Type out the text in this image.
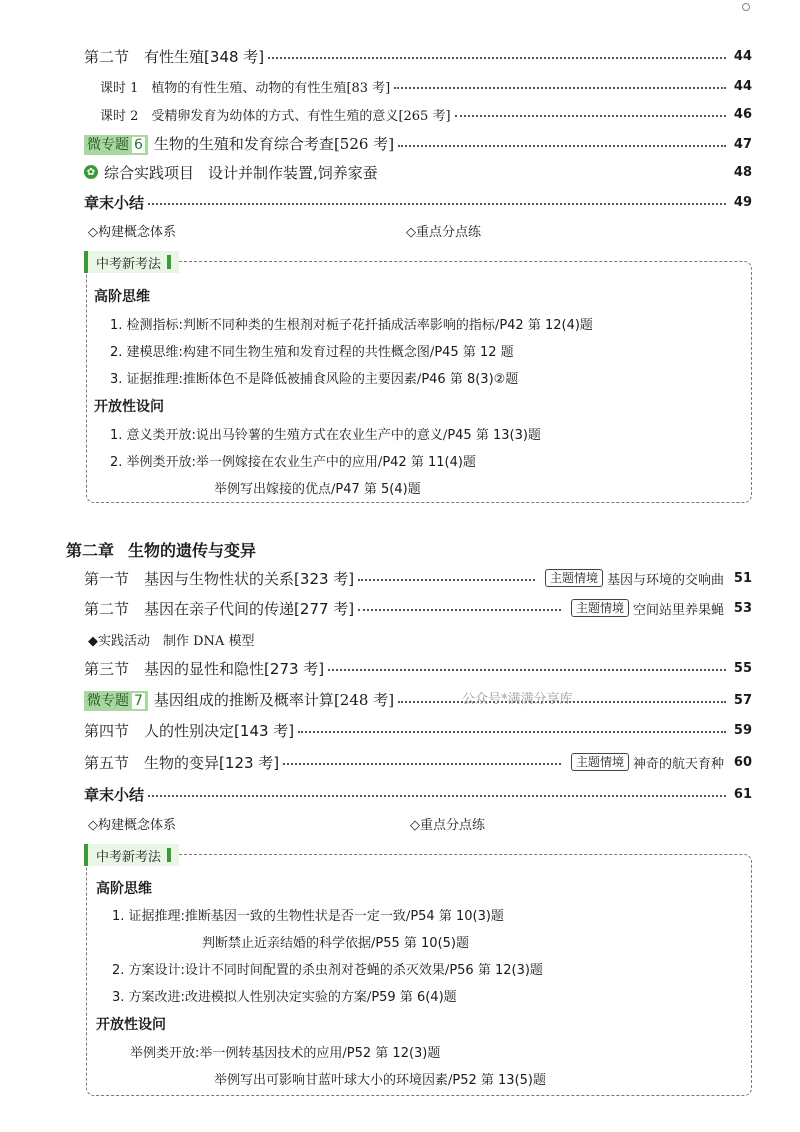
第二节　 有性生殖[348 考]	44
课时 1　 植物的有性生殖、动物的有性生殖[83 考]	44
课时 2　 受精卵发育为幼体的方式、有性生殖的意义[265 考]	46
微专题 6 生物的生殖和发育综合考查[526 考]	47
✿ 综合实践项目 设计并制作装置,饲养家蚕	48
章末小结	49
◇构建概念体系	◇重点分点练
中考新考法
高阶思维
1. 检测指标:判断不同种类的生根剂对栀子花扦插成活率影响的指标/P42 第 12(4)题
2. 建模思维:构建不同生物生殖和发育过程的共性概念图/P45 第 12 题
3. 证据推理:推断体色不是降低被捕食风险的主要因素/P46 第 8(3)②题
开放性设问
1. 意义类开放:说出马铃薯的生殖方式在农业生产中的意义/P45 第 13(3)题
2. 举例类开放:举一例嫁接在农业生产中的应用/P42 第 11(4)题
举例写出嫁接的优点/P47 第 5(4)题
第二章 生物的遗传与变异
第一节　 基因与生物性状的关系[323 考]	主题情境 基因与环境的交响曲 51
第二节　 基因在亲子代间的传递[277 考]	主题情境 空间站里养果蝇 53
◆实践活动　制作 DNA 模型
第三节　 基因的显性和隐性[273 考]	55
微专题 7 基因组成的推断及概率计算[248 考]	57
公众号*满满分享库
第四节　 人的性别决定[143 考]	59
第五节　 生物的变异[123 考]	主题情境 神奇的航天育种 60
章末小结	61
◇构建概念体系	◇重点分点练
中考新考法
高阶思维
1. 证据推理:推断基因一致的生物性状是否一定一致/P54 第 10(3)题
判断禁止近亲结婚的科学依据/P55 第 10(5)题
2. 方案设计:设计不同时间配置的杀虫剂对苍蝇的杀灭效果/P56 第 12(3)题
3. 方案改进:改进模拟人性别决定实验的方案/P59 第 6(4)题
开放性设问
举例类开放:举一例转基因技术的应用/P52 第 12(3)题
举例写出可影响甘蓝叶球大小的环境因素/P52 第 13(5)题
